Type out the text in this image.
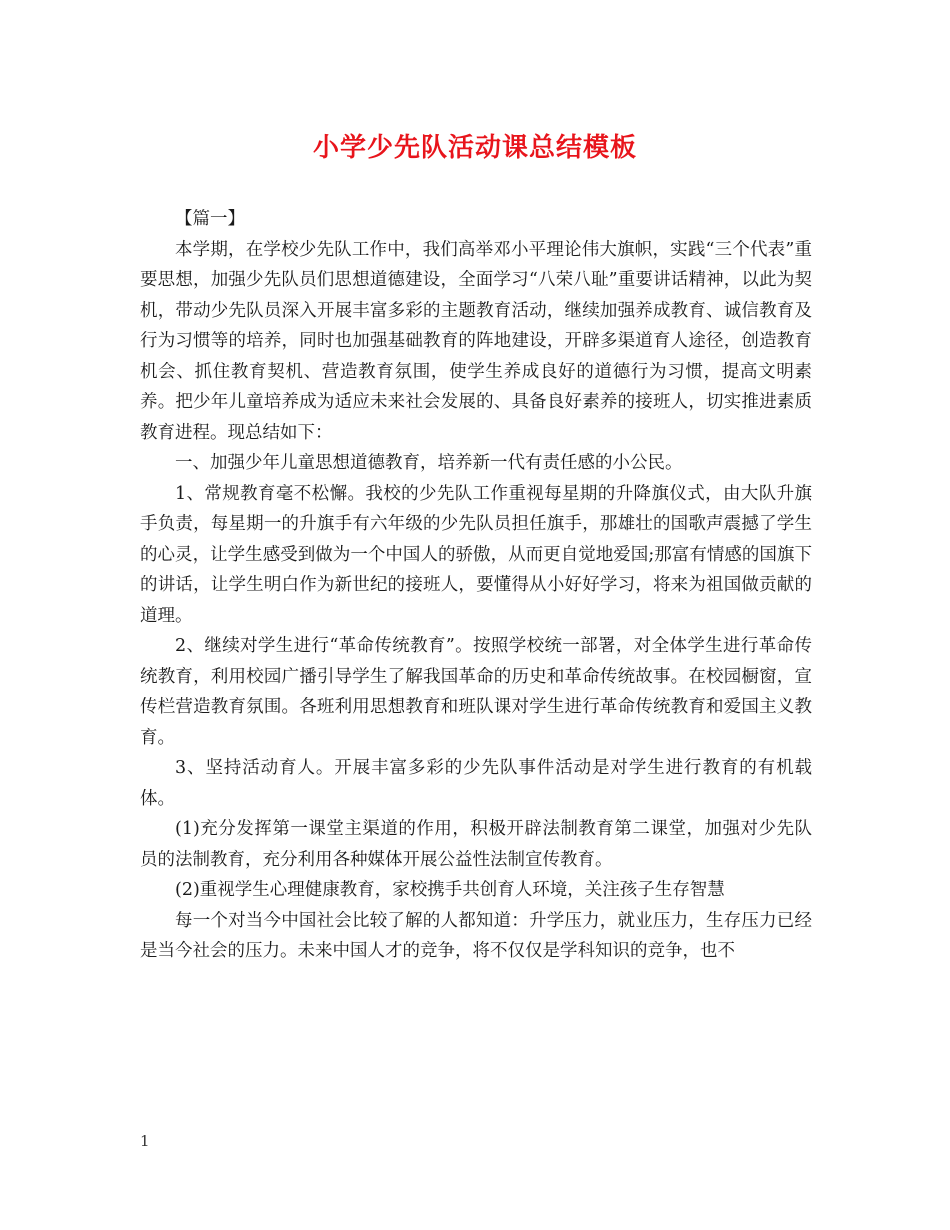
小学少先队活动课总结模板

【篇一】

本学期，在学校少先队工作中，我们高举邓小平理论伟大旗帜，实践“三个代表”重要思想，加强少先队员们思想道德建设，全面学习“八荣八耻”重要讲话精神，以此为契机，带动少先队员深入开展丰富多彩的主题教育活动，继续加强养成教育、诚信教育及行为习惯等的培养，同时也加强基础教育的阵地建设，开辟多渠道育人途径，创造教育机会、抓住教育契机、营造教育氛围，使学生养成良好的道德行为习惯，提高文明素养。把少年儿童培养成为适应未来社会发展的、具备良好素养的接班人，切实推进素质教育进程。现总结如下：

一、加强少年儿童思想道德教育，培养新一代有责任感的小公民。

1、常规教育毫不松懈。我校的少先队工作重视每星期的升降旗仪式，由大队升旗手负责，每星期一的升旗手有六年级的少先队员担任旗手，那雄壮的国歌声震撼了学生的心灵，让学生感受到做为一个中国人的骄傲，从而更自觉地爱国;那富有情感的国旗下的讲话，让学生明白作为新世纪的接班人，要懂得从小好好学习，将来为祖国做贡献的道理。

2、继续对学生进行“革命传统教育”。按照学校统一部署，对全体学生进行革命传统教育，利用校园广播引导学生了解我国革命的历史和革命传统故事。在校园橱窗，宣传栏营造教育氛围。各班利用思想教育和班队课对学生进行革命传统教育和爱国主义教育。

3、坚持活动育人。开展丰富多彩的少先队事件活动是对学生进行教育的有机载体。

(1)充分发挥第一课堂主渠道的作用，积极开辟法制教育第二课堂，加强对少先队员的法制教育，充分利用各种媒体开展公益性法制宣传教育。

(2)重视学生心理健康教育，家校携手共创育人环境，关注孩子生存智慧

每一个对当今中国社会比较了解的人都知道：升学压力，就业压力，生存压力已经是当今社会的压力。未来中国人才的竞争，将不仅仅是学科知识的竞争，也不

1
